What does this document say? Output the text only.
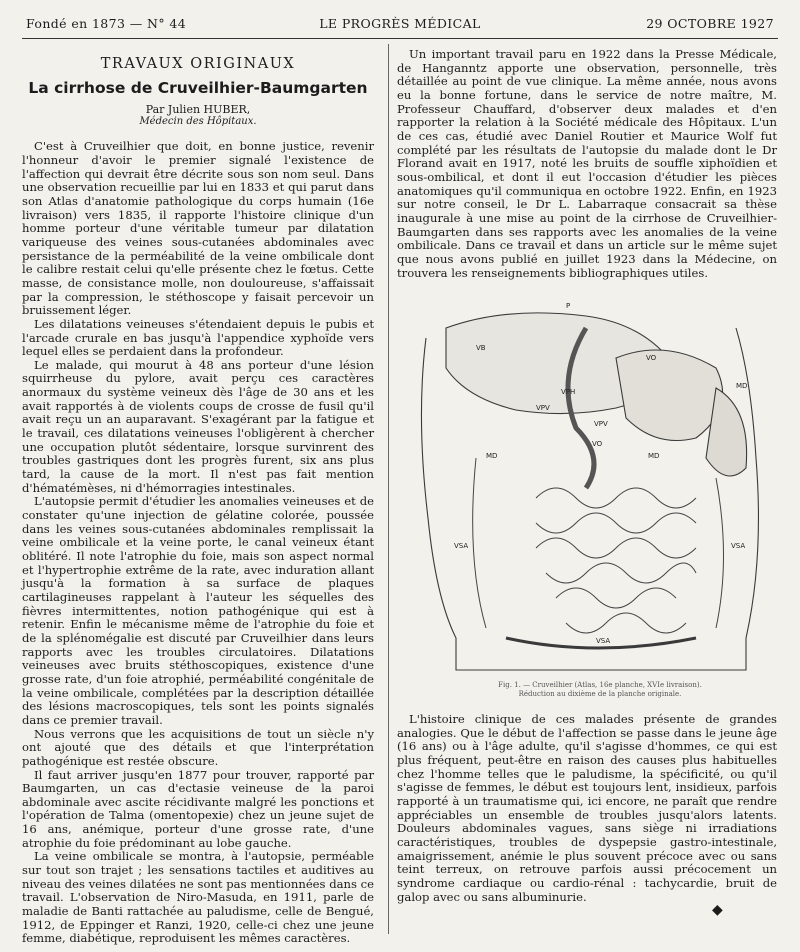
Fondé en 1873 — N° 44	LE PROGRÈS MÉDICAL	29 OCTOBRE 1927
TRAVAUX ORIGINAUX
La cirrhose de Cruveilhier-Baumgarten
Par Julien HUBER,
Médecin des Hôpitaux.

C'est à Cruveilhier que doit, en bonne justice, revenir l'honneur d'avoir le premier signalé l'existence de l'affection qui devrait être décrite sous son nom seul. Dans une observation recueillie par lui en 1833 et qui parut dans son Atlas d'anatomie pathologique du corps humain (16e livraison) vers 1835, il rapporte l'histoire clinique d'un homme porteur d'une véritable tumeur par dilatation variqueuse des veines sous-cutanées abdominales avec persistance de la perméabilité de la veine ombilicale dont le calibre restait celui qu'elle présente chez le fœtus. Cette masse, de consistance molle, non douloureuse, s'affaissait par la compression, le stéthoscope y faisait percevoir un bruissement léger.

Les dilatations veineuses s'étendaient depuis le pubis et l'arcade crurale en bas jusqu'à l'appendice xyphoïde vers lequel elles se perdaient dans la profondeur.

Le malade, qui mourut à 48 ans porteur d'une lésion squirrheuse du pylore, avait perçu ces caractères anormaux du système veineux dès l'âge de 30 ans et les avait rapportés à de violents coups de crosse de fusil qu'il avait reçu un an auparavant. S'exagérant par la fatigue et le travail, ces dilatations veineuses l'obligèrent à chercher une occupation plutôt sédentaire, lorsque survinrent des troubles gastriques dont les progrès furent, six ans plus tard, la cause de la mort. Il n'est pas fait mention d'hématémèses, ni d'hémorragies intestinales.

L'autopsie permit d'étudier les anomalies veineuses et de constater qu'une injection de gélatine colorée, poussée dans les veines sous-cutanées abdominales remplissait la veine ombilicale et la veine porte, le canal veineux étant oblitéré. Il note l'atrophie du foie, mais son aspect normal et l'hypertrophie extrême de la rate, avec induration allant jusqu'à la formation à sa surface de plaques cartilagineuses rappelant à l'auteur les séquelles des fièvres intermittentes, notion pathogénique qui est à retenir. Enfin le mécanisme même de l'atrophie du foie et de la splénomégalie est discuté par Cruveilhier dans leurs rapports avec les troubles circulatoires. Dilatations veineuses avec bruits stéthoscopiques, existence d'une grosse rate, d'un foie atrophié, perméabilité congénitale de la veine ombilicale, complétées par la description détaillée des lésions macroscopiques, tels sont les points signalés dans ce premier travail.

Nous verrons que les acquisitions de tout un siècle n'y ont ajouté que des détails et que l'interprétation pathogénique est restée obscure.

Il faut arriver jusqu'en 1877 pour trouver, rapporté par Baumgarten, un cas d'ectasie veineuse de la paroi abdominale avec ascite récidivante malgré les ponctions et l'opération de Talma (omentopexie) chez un jeune sujet de 16 ans, anémique, porteur d'une grosse rate, d'une atrophie du foie prédominant au lobe gauche.

La veine ombilicale se montra, à l'autopsie, perméable sur tout son trajet ; les sensations tactiles et auditives au niveau des veines dilatées ne sont pas mentionnées dans ce travail. L'observation de Niro-Masuda, en 1911, parle de maladie de Banti rattachée au paludisme, celle de Bengué, 1912, de Eppinger et Ranzi, 1920, celle-ci chez une jeune femme, diabétique, reproduisent les mêmes caractères.

Un important travail paru en 1922 dans la Presse Médicale, de Hanganntz apporte une observation, personnelle, très détaillée au point de vue clinique. La même année, nous avons eu la bonne fortune, dans le service de notre maître, M. Professeur Chauffard, d'observer deux malades et d'en rapporter la relation à la Société médicale des Hôpitaux. L'un de ces cas, étudié avec Daniel Routier et Maurice Wolf fut complété par les résultats de l'autopsie du malade dont le Dr Florand avait en 1917, noté les bruits de souffle xiphoïdien et sous-ombilical, et dont il eut l'occasion d'étudier les pièces anatomiques qu'il communiqua en octobre 1922. Enfin, en 1923 sur notre conseil, le Dr L. Labarraque consacrait sa thèse inaugurale à une mise au point de la cirrhose de Cruveilhier-Baumgarten dans ses rapports avec les anomalies de la veine ombilicale. Dans ce travail et dans un article sur le même sujet que nous avons publié en juillet 1923 dans la Médecine, on trouvera les renseignements bibliographiques utiles.

P
VB
VO
VPH
VPV
MD
VPV
VO
MD	MD
VSA	VSA
VSA
Fig. 1. — Cruveilhier (Atlas, 16e planche, XVIe livraison).
Réduction au dixième de la planche originale.

L'histoire clinique de ces malades présente de grandes analogies. Que le début de l'affection se passe dans le jeune âge (16 ans) ou à l'âge adulte, qu'il s'agisse d'hommes, ce qui est plus fréquent, peut-être en raison des causes plus habituelles chez l'homme telles que le paludisme, la spécificité, ou qu'il s'agisse de femmes, le début est toujours lent, insidieux, parfois rapporté à un traumatisme qui, ici encore, ne paraît que rendre appréciables un ensemble de troubles jusqu'alors latents. Douleurs abdominales vagues, sans siège ni irradiations caractéristiques, troubles de dyspepsie gastro-intestinale, amaigrissement, anémie le plus souvent précoce avec ou sans teint terreux, on retrouve parfois aussi précocement un syndrome cardiaque ou cardio-rénal : tachycardie, bruit de galop avec ou sans albuminurie.

◆
